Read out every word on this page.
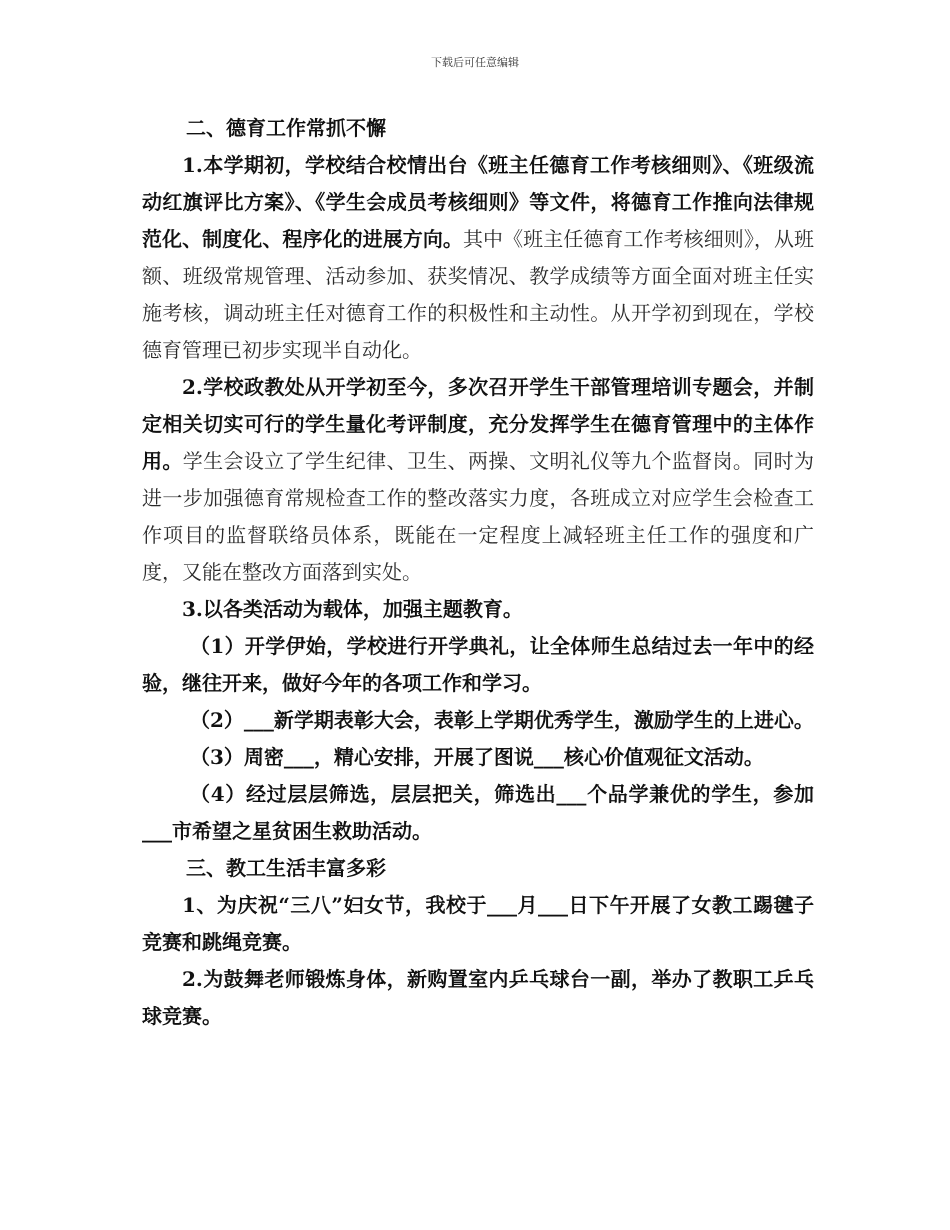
下载后可任意编辑

二、德育工作常抓不懈

1.本学期初，学校结合校情出台《班主任德育工作考核细则》、《班级流动红旗评比方案》、《学生会成员考核细则》等文件，将德育工作推向法律规范化、制度化、程序化的进展方向。其中《班主任德育工作考核细则》，从班额、班级常规管理、活动参加、获奖情况、教学成绩等方面全面对班主任实施考核，调动班主任对德育工作的积极性和主动性。从开学初到现在，学校德育管理已初步实现半自动化。

2.学校政教处从开学初至今，多次召开学生干部管理培训专题会，并制定相关切实可行的学生量化考评制度，充分发挥学生在德育管理中的主体作用。学生会设立了学生纪律、卫生、两操、文明礼仪等九个监督岗。同时为进一步加强德育常规检查工作的整改落实力度，各班成立对应学生会检查工作项目的监督联络员体系，既能在一定程度上减轻班主任工作的强度和广度，又能在整改方面落到实处。

3.以各类活动为载体，加强主题教育。

（1）开学伊始，学校进行开学典礼，让全体师生总结过去一年中的经验，继往开来，做好今年的各项工作和学习。

（2）___新学期表彰大会，表彰上学期优秀学生，激励学生的上进心。

（3）周密___，精心安排，开展了图说___核心价值观征文活动。

（4）经过层层筛选，层层把关，筛选出___个品学兼优的学生，参加___市希望之星贫困生救助活动。

三、教工生活丰富多彩

1、为庆祝“三八”妇女节，我校于___月___日下午开展了女教工踢毽子竞赛和跳绳竞赛。

2.为鼓舞老师锻炼身体，新购置室内乒乓球台一副，举办了教职工乒乓球竞赛。
